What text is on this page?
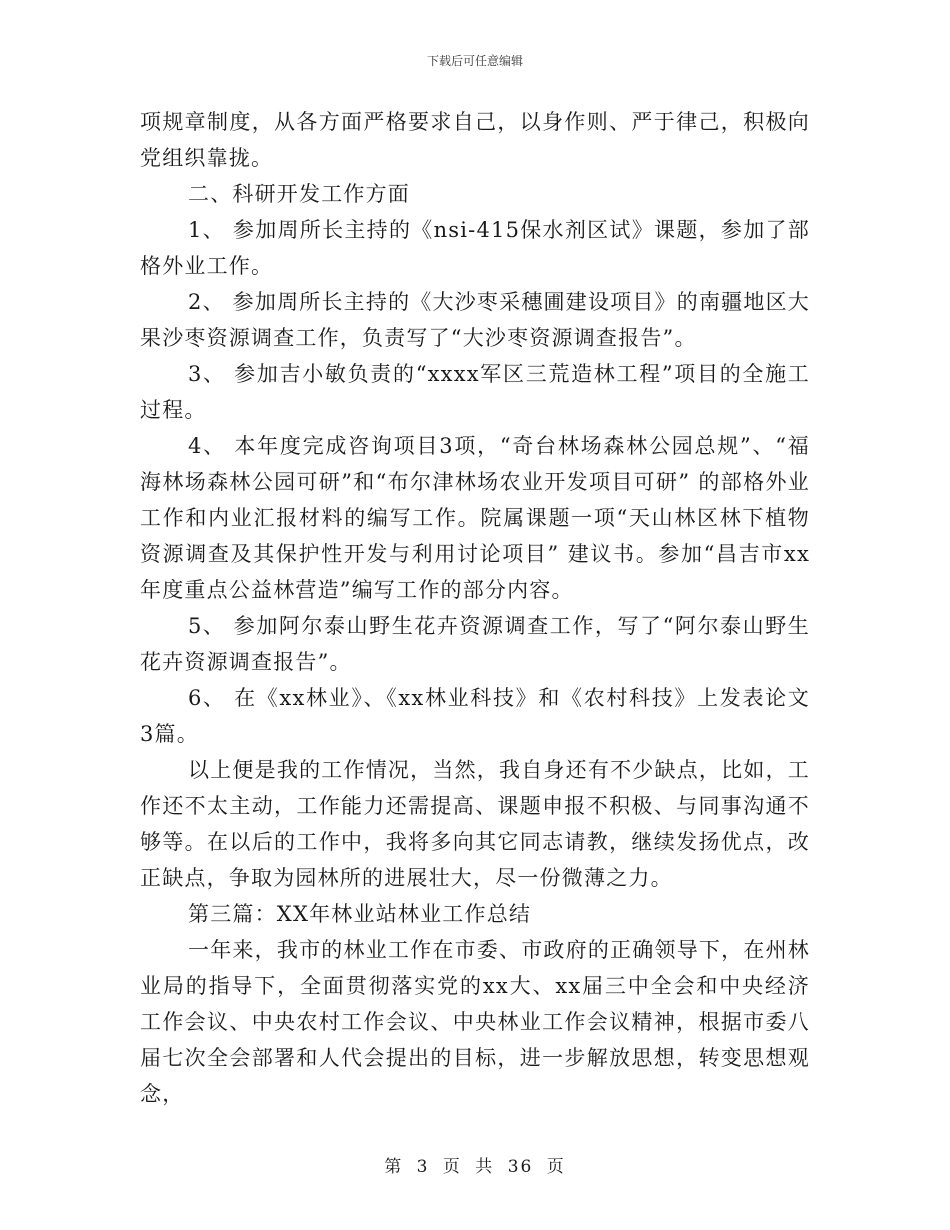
下载后可任意编辑

项规章制度，从各方面严格要求自己，以身作则、严于律己，积极向党组织靠拢。

二、科研开发工作方面

1、 参加周所长主持的《nsi-415保水剂区试》课题，参加了部格外业工作。

2、 参加周所长主持的《大沙枣采穗圃建设项目》的南疆地区大果沙枣资源调查工作，负责写了“大沙枣资源调查报告”。

3、 参加吉小敏负责的“xxxx军区三荒造林工程”项目的全施工过程。

4、 本年度完成咨询项目3项，“奇台林场森林公园总规”、“福海林场森林公园可研”和“布尔津林场农业开发项目可研” 的部格外业工作和内业汇报材料的编写工作。院属课题一项“天山林区林下植物资源调查及其保护性开发与利用讨论项目” 建议书。参加“昌吉市xx年度重点公益林营造”编写工作的部分内容。

5、 参加阿尔泰山野生花卉资源调查工作，写了“阿尔泰山野生花卉资源调查报告”。

6、 在《xx林业》、《xx林业科技》和《农村科技》上发表论文3篇。

以上便是我的工作情况，当然，我自身还有不少缺点，比如，工作还不太主动，工作能力还需提高、课题申报不积极、与同事沟通不够等。在以后的工作中，我将多向其它同志请教，继续发扬优点，改正缺点，争取为园林所的进展壮大，尽一份微薄之力。

第三篇：XX年林业站林业工作总结

一年来，我市的林业工作在市委、市政府的正确领导下，在州林业局的指导下，全面贯彻落实党的xx大、xx届三中全会和中央经济工作会议、中央农村工作会议、中央林业工作会议精神，根据市委八届七次全会部署和人代会提出的目标，进一步解放思想，转变思想观念，

第 3 页 共 36 页
